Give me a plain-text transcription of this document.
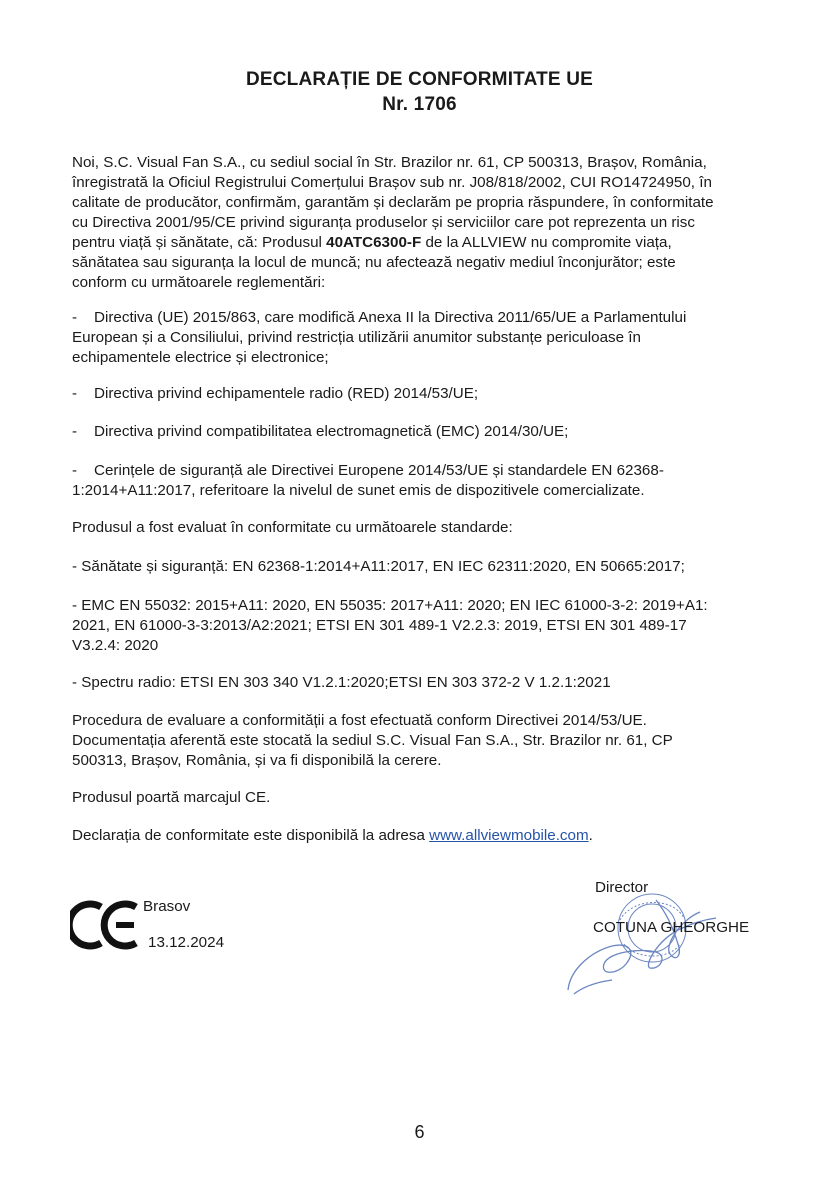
DECLARAȚIE DE CONFORMITATE UE
Nr. 1706

Noi, S.C. Visual Fan S.A., cu sediul social în Str. Brazilor nr. 61, CP 500313, Brașov, România,
înregistrată la Oficiul Registrului Comerțului Brașov sub nr. J08/818/2002, CUI RO14724950, în
calitate de producător, confirmăm, garantăm și declarăm pe propria răspundere, în conformitate
cu Directiva 2001/95/CE privind siguranța produselor și serviciilor care pot reprezenta un risc
pentru viață și sănătate, că: Produsul 40ATC6300-F de la ALLVIEW nu compromite viața,
sănătatea sau siguranța la locul de muncă; nu afectează negativ mediul înconjurător; este
conform cu următoarele reglementări:

- Directiva (UE) 2015/863, care modifică Anexa II la Directiva 2011/65/UE a Parlamentului
European și a Consiliului, privind restricția utilizării anumitor substanțe periculoase în
echipamentele electrice și electronice;

- Directiva privind echipamentele radio (RED) 2014/53/UE;

- Directiva privind compatibilitatea electromagnetică (EMC) 2014/30/UE;

- Cerințele de siguranță ale Directivei Europene 2014/53/UE și standardele EN 62368-
1:2014+A11:2017, referitoare la nivelul de sunet emis de dispozitivele comercializate.

Produsul a fost evaluat în conformitate cu următoarele standarde:

- Sănătate și siguranță: EN 62368-1:2014+A11:2017, EN IEC 62311:2020, EN 50665:2017;

- EMC EN 55032: 2015+A11: 2020, EN 55035: 2017+A11: 2020; EN IEC 61000-3-2: 2019+A1:
2021, EN 61000-3-3:2013/A2:2021; ETSI EN 301 489-1 V2.2.3: 2019, ETSI EN 301 489-17
V3.2.4: 2020

- Spectru radio: ETSI EN 303 340 V1.2.1:2020;ETSI EN 303 372-2 V 1.2.1:2021

Procedura de evaluare a conformității a fost efectuată conform Directivei 2014/53/UE.
Documentația aferentă este stocată la sediul S.C. Visual Fan S.A., Str. Brazilor nr. 61, CP
500313, Brașov, România, și va fi disponibilă la cerere.

Produsul poartă marcajul CE.

Declarația de conformitate este disponibilă la adresa www.allviewmobile.com.

Brasov
13.12.2024
Director
COTUNA GHEORGHE
6
